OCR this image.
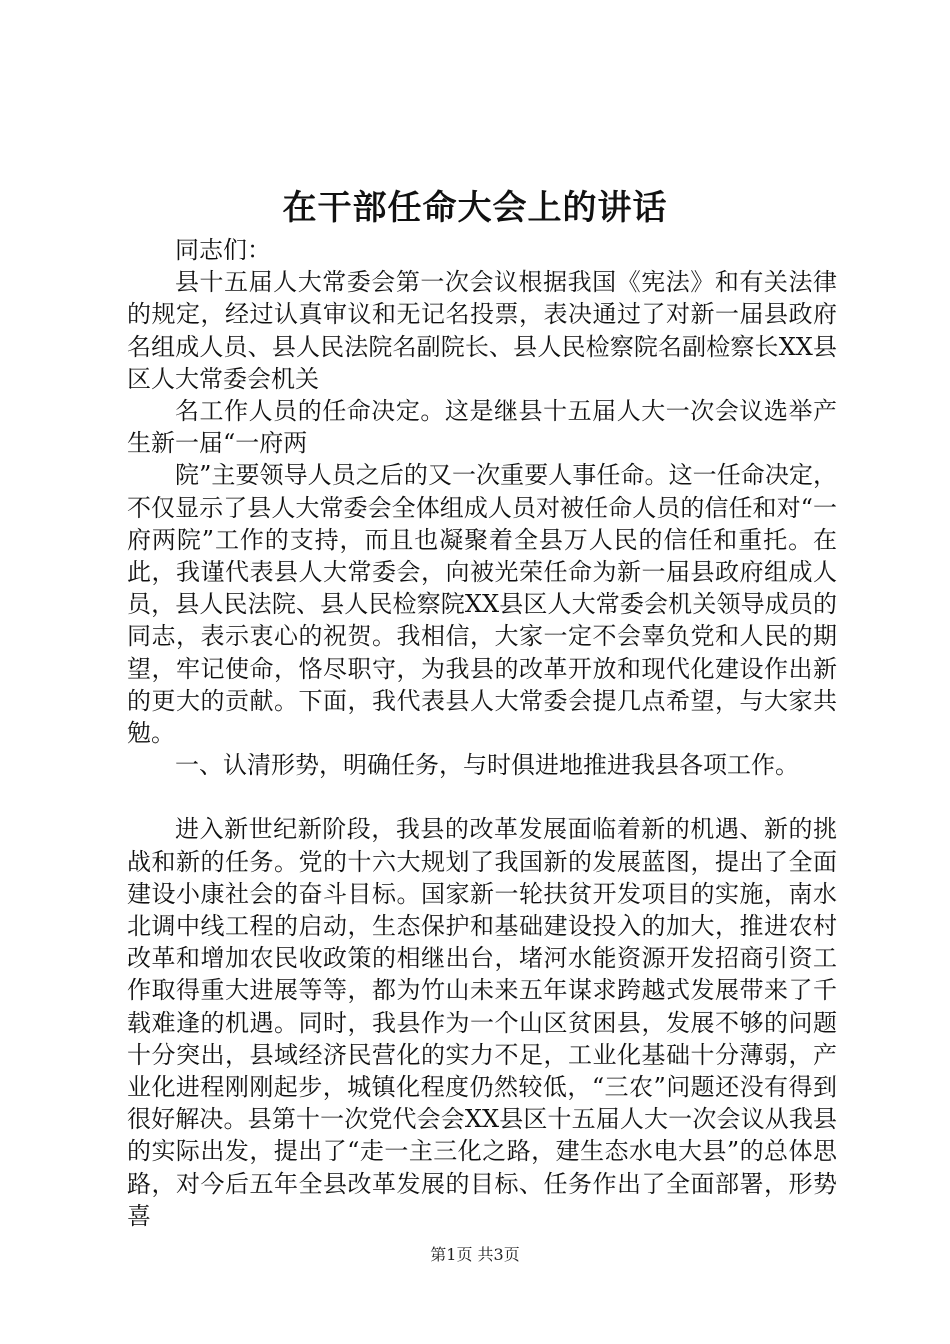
在干部任命大会上的讲话

同志们：

县十五届人大常委会第一次会议根据我国《宪法》和有关法律的规定，经过认真审议和无记名投票，表决通过了对新一届县政府名组成人员、县人民法院名副院长、县人民检察院名副检察长XX县区人大常委会机关

名工作人员的任命决定。这是继县十五届人大一次会议选举产生新一届“一府两

院”主要领导人员之后的又一次重要人事任命。这一任命决定，不仅显示了县人大常委会全体组成人员对被任命人员的信任和对“一府两院”工作的支持，而且也凝聚着全县万人民的信任和重托。在此，我谨代表县人大常委会，向被光荣任命为新一届县政府组成人员，县人民法院、县人民检察院XX县区人大常委会机关领导成员的同志，表示衷心的祝贺。我相信，大家一定不会辜负党和人民的期望，牢记使命，恪尽职守，为我县的改革开放和现代化建设作出新的更大的贡献。下面，我代表县人大常委会提几点希望，与大家共勉。

一、认清形势，明确任务，与时俱进地推进我县各项工作。

进入新世纪新阶段，我县的改革发展面临着新的机遇、新的挑战和新的任务。党的十六大规划了我国新的发展蓝图，提出了全面建设小康社会的奋斗目标。国家新一轮扶贫开发项目的实施，南水北调中线工程的启动，生态保护和基础建设投入的加大，推进农村改革和增加农民收政策的相继出台，堵河水能资源开发招商引资工作取得重大进展等等，都为竹山未来五年谋求跨越式发展带来了千载难逢的机遇。同时，我县作为一个山区贫困县，发展不够的问题十分突出，县域经济民营化的实力不足，工业化基础十分薄弱，产业化进程刚刚起步，城镇化程度仍然较低，“三农”问题还没有得到很好解决。县第十一次党代会会XX县区十五届人大一次会议从我县的实际出发，提出了“走一主三化之路，建生态水电大县”的总体思路，对今后五年全县改革发展的目标、任务作出了全面部署，形势喜

第1页 共3页
